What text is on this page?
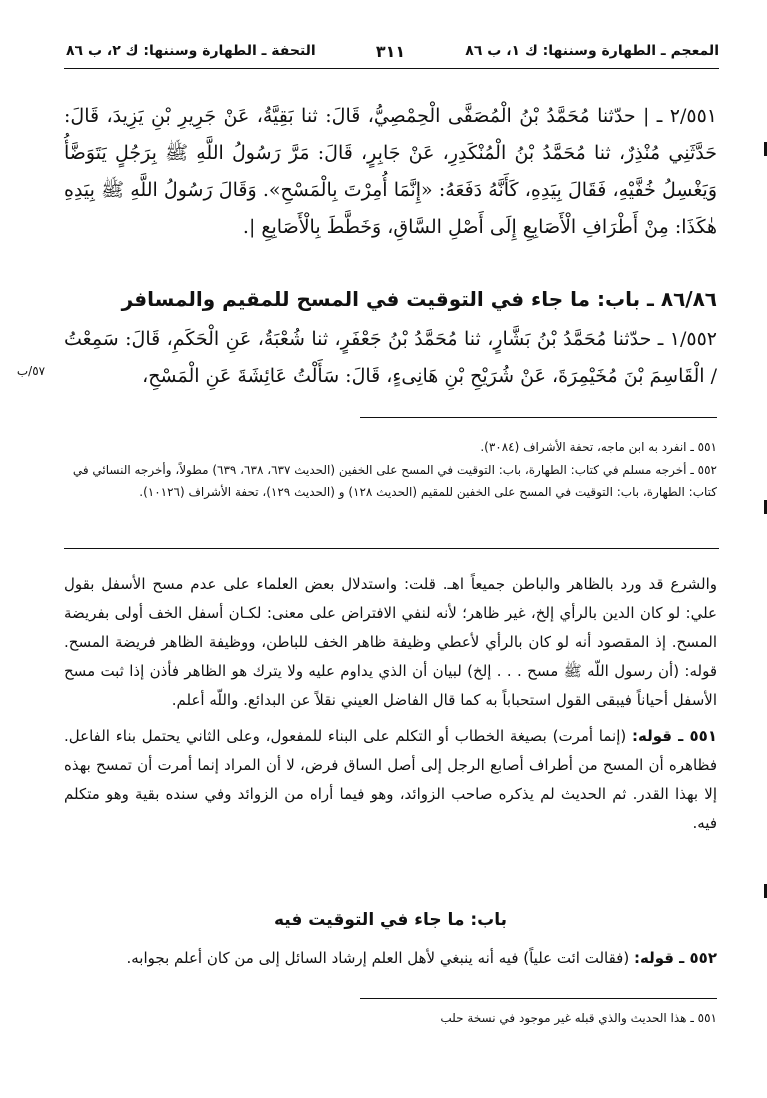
المعجم ـ الطهارة وسننها: ك ١، ب ٨٦
٣١١
التحفة ـ الطهارة وسننها: ك ٢، ب ٨٦
٢/٥٥١ ـ | حدّثنا مُحَمَّدُ بْنُ الْمُصَفَّى الْحِمْصِيُّ، قَالَ: ثنا بَقِيَّةُ، عَنْ جَرِيرِ بْنِ يَزِيدَ، قَالَ: حَدَّثَنِي مُنْذِرٌ، ثنا مُحَمَّدُ بْنُ الْمُنْكَدِرِ، عَنْ جَابِرٍ، قَالَ: مَرَّ رَسُولُ اللَّهِ ﷺ بِرَجُلٍ يَتَوَضَّأُ وَيَغْسِلُ خُفَّيْهِ، فَقَالَ بِيَدِهِ، كَأَنَّهُ دَفَعَهُ: «إِنَّمَا أُمِرْتَ بِالْمَسْحِ». وَقَالَ رَسُولُ اللَّهِ ﷺ بِيَدِهِ هٰكَذَا: مِنْ أَطْرَافِ الْأَصَابِعِ إِلَى أَصْلِ السَّاقِ، وَخَطَّطَ بِالْأَصَابِعِ |.
٨٦/٨٦ ـ باب: ما جاء في التوقيت في المسح للمقيم والمسافر
١/٥٥٢ ـ حدّثنا مُحَمَّدُ بْنُ بَشَّارٍ، ثنا مُحَمَّدُ بْنُ جَعْفَرٍ، ثنا شُعْبَةُ، عَنِ الْحَكَمِ، قَالَ: سَمِعْتُ / الْقَاسِمَ بْنَ مُخَيْمِرَةَ، عَنْ شُرَيْحِ بْنِ هَانِىءٍ، قَالَ: سَأَلْتُ عَائِشَةَ عَنِ الْمَسْحِ،
٥٧/ب

٥٥١ ـ انفرد به ابن ماجه، تحفة الأشراف (٣٠٨٤).

٥٥٢ ـ أخرجه مسلم في كتاب: الطهارة، باب: التوقيت في المسح على الخفين (الحديث ٦٣٧، ٦٣٨، ٦٣٩) مطولاً، وأخرجه النسائي في كتاب: الطهارة، باب: التوقيت في المسح على الخفين للمقيم (الحديث ١٢٨) و (الحديث ١٢٩)، تحفة الأشراف (١٠١٢٦).

والشرع قد ورد بالظاهر والباطن جميعاً اهـ. قلت: واستدلال بعض العلماء على عدم مسح الأسفل بقول علي: لو كان الدين بالرأي إلخ، غير ظاهر؛ لأنه لنفي الافتراض على معنى: لكـان أسفل الخف أولى بفريضة المسح. إذ المقصود أنه لو كان بالرأي لأعطي وظيفة ظاهر الخف للباطن، ووظيفة الظاهر فريضة المسح. قوله: (أن رسول اللّه ﷺ مسح . . . إلخ) لبيان أن الذي يداوم عليه ولا يترك هو الظاهر فأذن إذا ثبت مسح الأسفل أحياناً فيبقى القول استحباباً به كما قال الفاضل العيني نقلاً عن البدائع. واللّه أعلم.

٥٥١ ـ قوله: (إنما أمرت) بصيغة الخطاب أو التكلم على البناء للمفعول، وعلى الثاني يحتمل بناء الفاعل. فظاهره أن المسح من أطراف أصابع الرجل إلى أصل الساق فرض، لا أن المراد إنما أمرت أن تمسح بهذه إلا بهذا القدر. ثم الحديث لم يذكره صاحب الزوائد، وهو فيما أراه من الزوائد وفي سنده بقية وهو متكلم فيه.

باب: ما جاء في التوقيت فيه
٥٥٢ ـ قوله: (فقالت ائت علياً) فيه أنه ينبغي لأهل العلم إرشاد السائل إلى من كان أعلم بجوابه.
٥٥١ ـ هذا الحديث والذي قبله غير موجود في نسخة حلب
